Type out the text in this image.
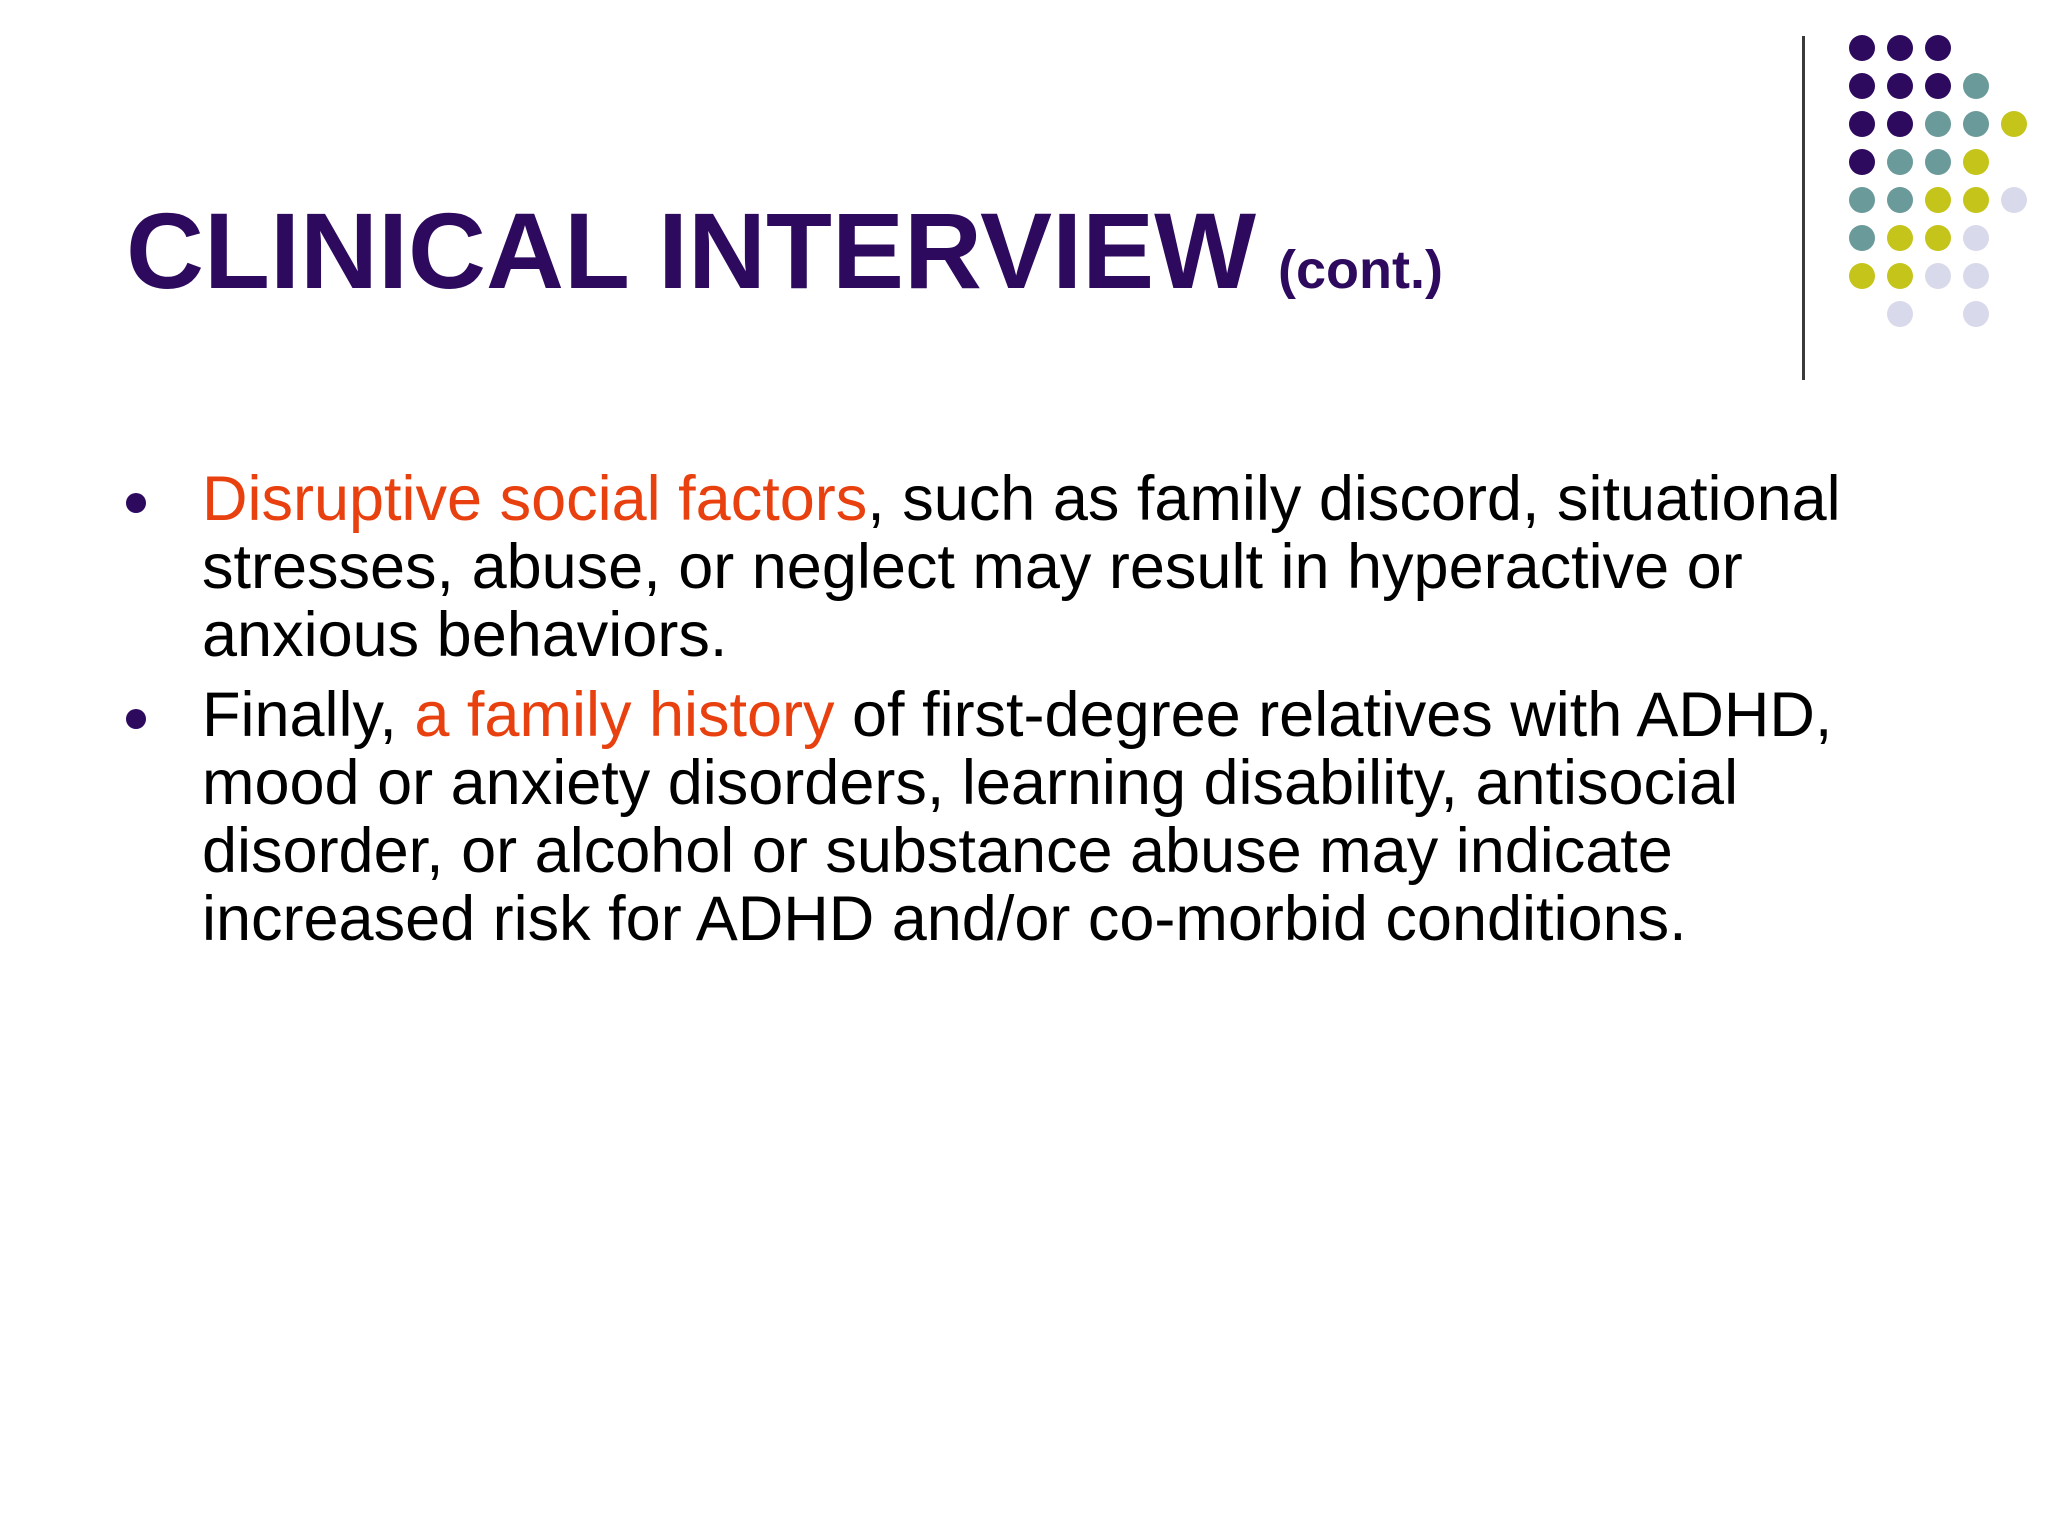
CLINICAL INTERVIEW (cont.)
Disruptive social factors, such as family discord, situational stresses, abuse, or neglect may result in hyperactive or anxious behaviors.
Finally, a family history of first-degree relatives with ADHD, mood or anxiety disorders, learning disability, antisocial disorder, or alcohol or substance abuse may indicate increased risk for ADHD and/or co-morbid conditions.
